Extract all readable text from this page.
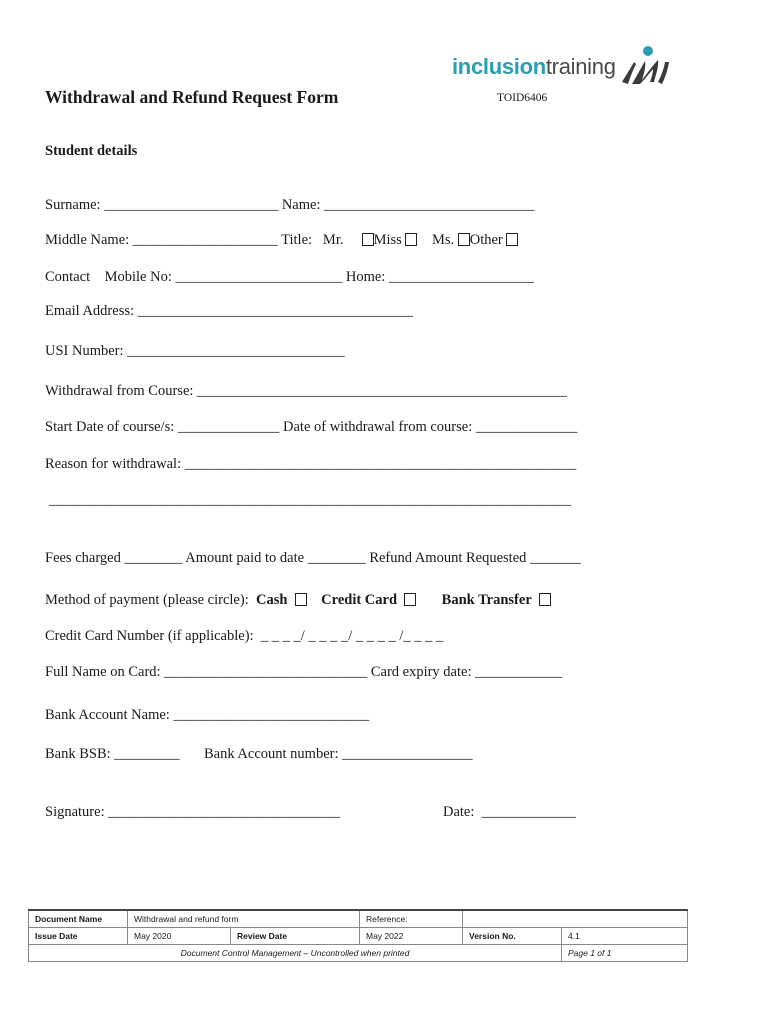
inclusiontraining
Withdrawal and Refund Request Form	TOID6406
Student details
Surname: ________________________ Name: _____________________________
Middle Name: ____________________ Title:   Mr. Miss Ms. Other
Contact    Mobile No: _______________________ Home: ____________________
Email Address: ______________________________________
USI Number: ______________________________
Withdrawal from Course: ___________________________________________________
Start Date of course/s: ______________ Date of withdrawal from course: ______________
Reason for withdrawal: ______________________________________________________
________________________________________________________________________
Fees charged ________ Amount paid to date ________ Refund Amount Requested _______
Method of payment (please circle): Cash Credit Card	Bank Transfer
Credit Card Number (if applicable):  _ _ _ _/ _ _ _ _/ _ _ _ _ /_ _ _ _
Full Name on Card: ____________________________ Card expiry date: ____________
Bank Account Name: ___________________________
Bank BSB: _________ Bank Account number: __________________
Signature: ________________________________	Date:  _____________
Document Name	Withdrawal and refund form		Reference:		
Issue Date	May 2020	Review Date	May 2022	Version No.	4.1
Document Control Management – Uncontrolled when printed					Page 1 of 1
